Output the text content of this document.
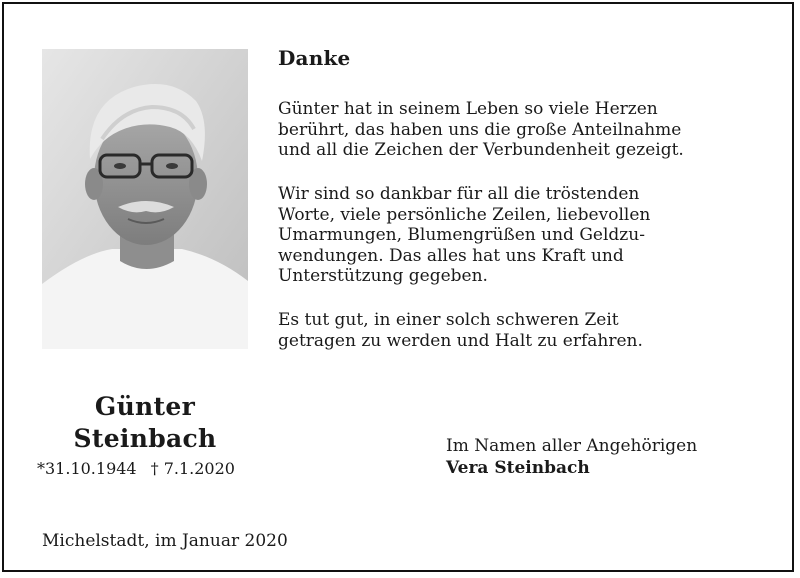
Danke

Günter hat in seinem Leben so viele Herzen
berührt, das haben uns die große Anteilnahme
und all die Zeichen der Verbundenheit gezeigt.

Wir sind so dankbar für all die tröstenden
Worte, viele persönliche Zeilen, liebevollen
Umarmungen, Blumengrüßen und Geldzu-
wendungen. Das alles hat uns Kraft und
Unterstützung gegeben.

Es tut gut, in einer solch schweren Zeit
getragen zu werden und Halt zu erfahren.

Günter

Steinbach

*31.10.1944 † 7.1.2020

Im Namen aller Angehörigen

Vera Steinbach

Michelstadt, im Januar 2020
